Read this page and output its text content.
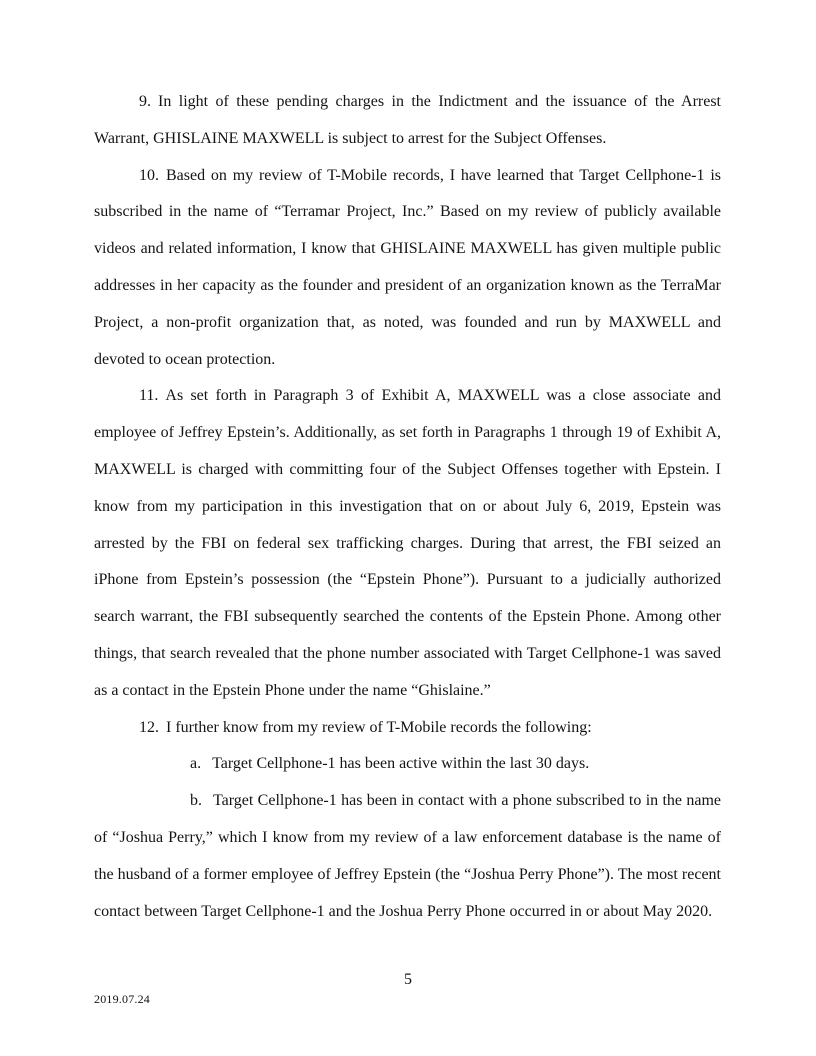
9. In light of these pending charges in the Indictment and the issuance of the Arrest Warrant, GHISLAINE MAXWELL is subject to arrest for the Subject Offenses.

10. Based on my review of T-Mobile records, I have learned that Target Cellphone-1 is subscribed in the name of “Terramar Project, Inc.” Based on my review of publicly available videos and related information, I know that GHISLAINE MAXWELL has given multiple public addresses in her capacity as the founder and president of an organization known as the TerraMar Project, a non-profit organization that, as noted, was founded and run by MAXWELL and devoted to ocean protection.

11. As set forth in Paragraph 3 of Exhibit A, MAXWELL was a close associate and employee of Jeffrey Epstein’s. Additionally, as set forth in Paragraphs 1 through 19 of Exhibit A, MAXWELL is charged with committing four of the Subject Offenses together with Epstein. I know from my participation in this investigation that on or about July 6, 2019, Epstein was arrested by the FBI on federal sex trafficking charges. During that arrest, the FBI seized an iPhone from Epstein’s possession (the “Epstein Phone”). Pursuant to a judicially authorized search warrant, the FBI subsequently searched the contents of the Epstein Phone. Among other things, that search revealed that the phone number associated with Target Cellphone-1 was saved as a contact in the Epstein Phone under the name “Ghislaine.”

12. I further know from my review of T-Mobile records the following:

a. Target Cellphone-1 has been active within the last 30 days.

b. Target Cellphone-1 has been in contact with a phone subscribed to in the name of “Joshua Perry,” which I know from my review of a law enforcement database is the name of the husband of a former employee of Jeffrey Epstein (the “Joshua Perry Phone”). The most recent contact between Target Cellphone-1 and the Joshua Perry Phone occurred in or about May 2020.

5
2019.07.24
